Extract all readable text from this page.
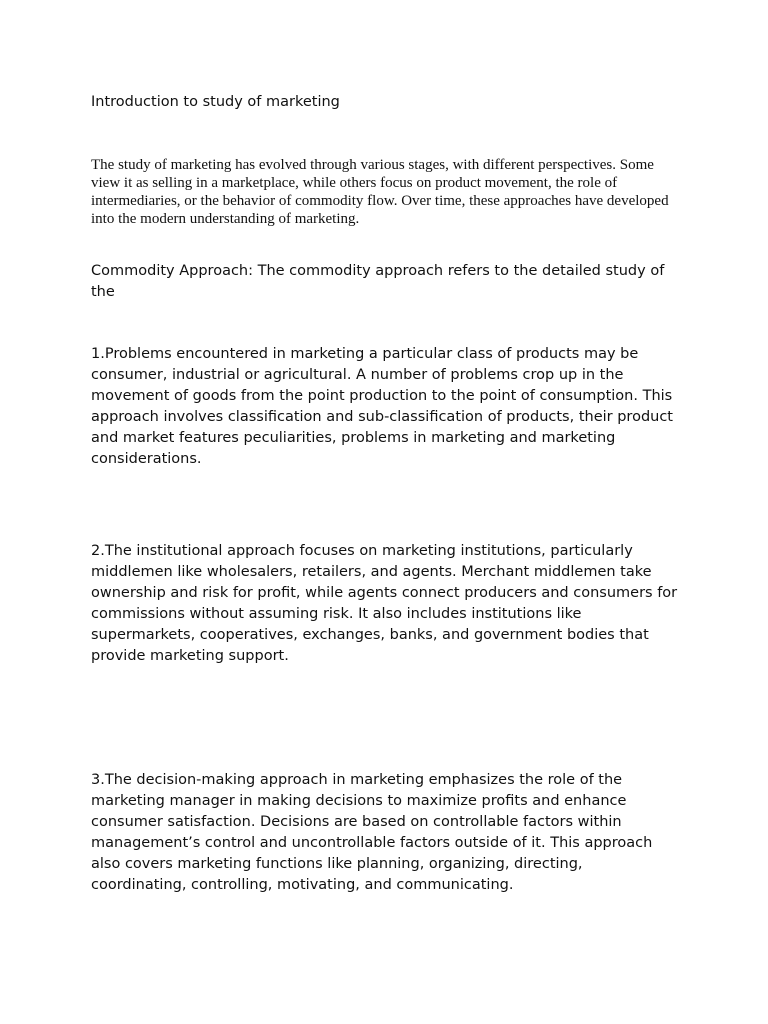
Introduction to study of marketing

The study of marketing has evolved through various stages, with different perspectives. Some view it as selling in a marketplace, while others focus on product movement, the role of intermediaries, or the behavior of commodity flow. Over time, these approaches have developed into the modern understanding of marketing.

Commodity Approach: The commodity approach refers to the detailed study of the

1.Problems encountered in marketing a particular class of products may be consumer, industrial or agricultural. A number of problems crop up in the movement of goods from the point production to the point of consumption. This approach involves classification and sub-classification of products, their product and market features peculiarities, problems in marketing and marketing considerations.

2.The institutional approach focuses on marketing institutions, particularly middlemen like wholesalers, retailers, and agents. Merchant middlemen take ownership and risk for profit, while agents connect producers and consumers for commissions without assuming risk. It also includes institutions like supermarkets, cooperatives, exchanges, banks, and government bodies that provide marketing support.

3.The decision-making approach in marketing emphasizes the role of the marketing manager in making decisions to maximize profits and enhance consumer satisfaction. Decisions are based on controllable factors within management’s control and uncontrollable factors outside of it. This approach also covers marketing functions like planning, organizing, directing, coordinating, controlling, motivating, and communicating.
